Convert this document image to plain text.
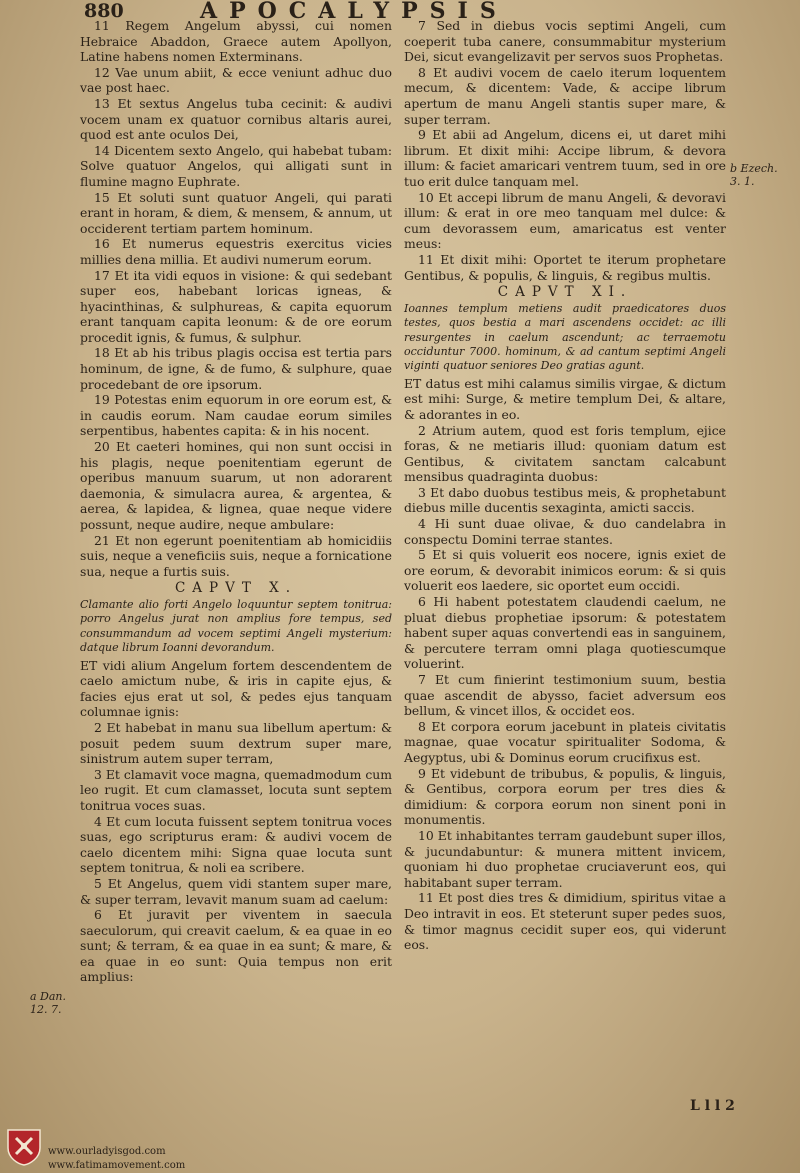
880	APOCALYPSIS

11 Regem Angelum abyssi, cui nomen Hebraice Abaddon, Graece autem Apollyon, Latine habens nomen Exterminans.

12 Vae unum abiit, & ecce veniunt adhuc duo vae post haec.

13 Et sextus Angelus tuba cecinit: & audivi vocem unam ex quatuor cornibus altaris aurei, quod est ante oculos Dei,

14 Dicentem sexto Angelo, qui habebat tubam: Solve quatuor Angelos, qui alligati sunt in flumine magno Euphrate.

15 Et soluti sunt quatuor Angeli, qui parati erant in horam, & diem, & mensem, & annum, ut occiderent tertiam partem hominum.

16 Et numerus equestris exercitus vicies millies dena millia. Et audivi numerum eorum.

17 Et ita vidi equos in visione: & qui sedebant super eos, habebant loricas igneas, & hyacinthinas, & sulphureas, & capita equorum erant tanquam capita leonum: & de ore eorum procedit ignis, & fumus, & sulphur.

18 Et ab his tribus plagis occisa est tertia pars hominum, de igne, & de fumo, & sulphure, quae procedebant de ore ipsorum.

19 Potestas enim equorum in ore eorum est, & in caudis eorum. Nam caudae eorum similes serpentibus, habentes capita: & in his nocent.

20 Et caeteri homines, qui non sunt occisi in his plagis, neque poenitentiam egerunt de operibus manuum suarum, ut non adorarent daemonia, & simulacra aurea, & argentea, & aerea, & lapidea, & lignea, quae neque videre possunt, neque audire, neque ambulare:

21 Et non egerunt poenitentiam ab homicidiis suis, neque a veneficiis suis, neque a fornicatione sua, neque a furtis suis.

CAPVT X.

Clamante alio forti Angelo loquuntur septem tonitrua: porro Angelus jurat non amplius fore tempus, sed consummandum ad vocem septimi Angeli mysterium: datque librum Ioanni devorandum.

ET vidi alium Angelum fortem descendentem de caelo amictum nube, & iris in capite ejus, & facies ejus erat ut sol, & pedes ejus tanquam columnae ignis:

2 Et habebat in manu sua libellum apertum: & posuit pedem suum dextrum super mare, sinistrum autem super terram,

3 Et clamavit voce magna, quemadmodum cum leo rugit. Et cum clamasset, locuta sunt septem tonitrua voces suas.

4 Et cum locuta fuissent septem tonitrua voces suas, ego scripturus eram: & audivi vocem de caelo dicentem mihi: Signa quae locuta sunt septem tonitrua, & noli ea scribere.

5 Et Angelus, quem vidi stantem super mare, & super terram, levavit manum suam ad caelum:

6 Et juravit per viventem in saecula saeculorum, qui creavit caelum, & ea quae in eo sunt; & terram, & ea quae in ea sunt; & mare, & ea quae in eo sunt: Quia tempus non erit amplius:

7 Sed in diebus vocis septimi Angeli, cum coeperit tuba canere, consummabitur mysterium Dei, sicut evangelizavit per servos suos Prophetas.

8 Et audivi vocem de caelo iterum loquentem mecum, & dicentem: Vade, & accipe librum apertum de manu Angeli stantis super mare, & super terram.

9 Et abii ad Angelum, dicens ei, ut daret mihi librum. Et dixit mihi: Accipe librum, & devora illum: & faciet amaricari ventrem tuum, sed in ore tuo erit dulce tanquam mel.

10 Et accepi librum de manu Angeli, & devoravi illum: & erat in ore meo tanquam mel dulce: & cum devorassem eum, amaricatus est venter meus:

11 Et dixit mihi: Oportet te iterum prophetare Gentibus, & populis, & linguis, & regibus multis.

CAPVT XI.

Ioannes templum metiens audit praedicatores duos testes, quos bestia a mari ascendens occidet: ac illi resurgentes in caelum ascendunt; ac terraemotu occiduntur 7000. hominum, & ad cantum septimi Angeli viginti quatuor seniores Deo gratias agunt.

ET datus est mihi calamus similis virgae, & dictum est mihi: Surge, & metire templum Dei, & altare, & adorantes in eo.

2 Atrium autem, quod est foris templum, ejice foras, & ne metiaris illud: quoniam datum est Gentibus, & civitatem sanctam calcabunt mensibus quadraginta duobus:

3 Et dabo duobus testibus meis, & prophetabunt diebus mille ducentis sexaginta, amicti saccis.

4 Hi sunt duae olivae, & duo candelabra in conspectu Domini terrae stantes.

5 Et si quis voluerit eos nocere, ignis exiet de ore eorum, & devorabit inimicos eorum: & si quis voluerit eos laedere, sic oportet eum occidi.

6 Hi habent potestatem claudendi caelum, ne pluat diebus prophetiae ipsorum: & potestatem habent super aquas convertendi eas in sanguinem, & percutere terram omni plaga quotiescumque voluerint.

7 Et cum finierint testimonium suum, bestia quae ascendit de abysso, faciet adversum eos bellum, & vincet illos, & occidet eos.

8 Et corpora eorum jacebunt in plateis civitatis magnae, quae vocatur spiritualiter Sodoma, & Aegyptus, ubi & Dominus eorum crucifixus est.

9 Et videbunt de tribubus, & populis, & linguis, & Gentibus, corpora eorum per tres dies & dimidium: & corpora eorum non sinent poni in monumentis.

10 Et inhabitantes terram gaudebunt super illos, & jucundabuntur: & munera mittent invicem, quoniam hi duo prophetae cruciaverunt eos, qui habitabant super terram.

11 Et post dies tres & dimidium, spiritus vitae a Deo intravit in eos. Et steterunt super pedes suos, & timor magnus cecidit super eos, qui viderunt eos.

b Ezech. 3. 1.
a Dan. 12. 7.
L l l 2
www.ourladyisgod.com
www.fatimamovement.com
